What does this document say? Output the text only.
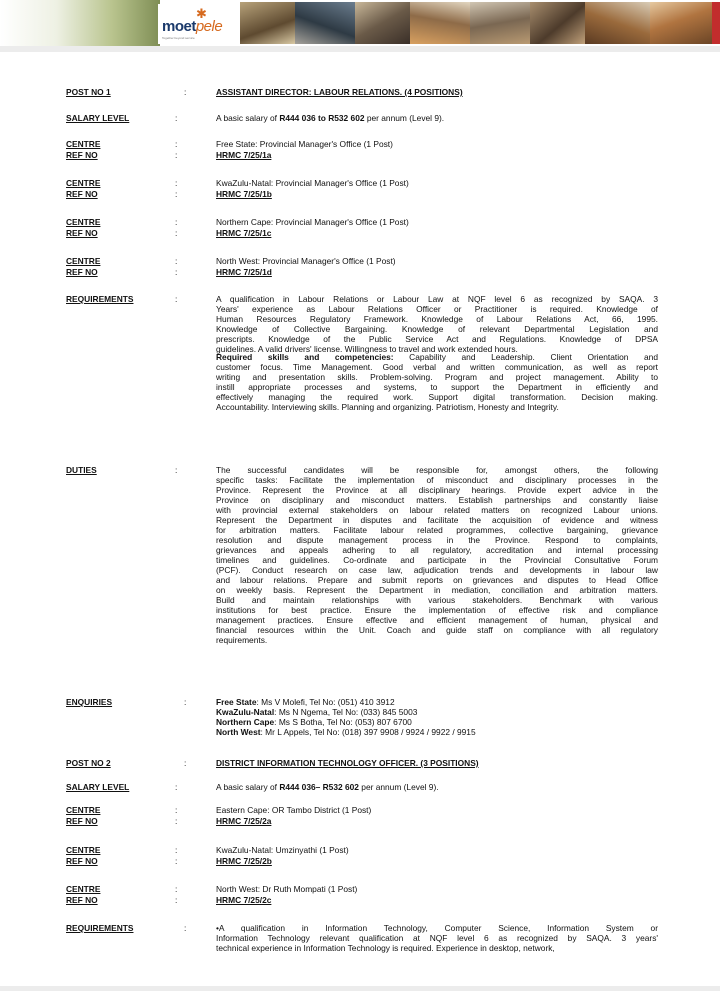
✱
moetpele
Together beyond service
POST NO 1	:	ASSISTANT DIRECTOR: LABOUR RELATIONS. (4 POSITIONS)
SALARY LEVEL	:	A basic salary of R444 036 to R532 602 per annum (Level 9).
CENTRE	:	Free State: Provincial Manager's Office (1 Post)
REF NO	:	HRMC 7/25/1a
CENTRE	:	KwaZulu-Natal: Provincial Manager's Office (1 Post)
REF NO	:	HRMC 7/25/1b
CENTRE	:	Northern Cape: Provincial Manager's Office (1 Post)
REF NO	:	HRMC 7/25/1c
CENTRE	:	North West: Provincial Manager's Office (1 Post)
REF NO	:	HRMC 7/25/1d
REQUIREMENTS	:	A qualification in Labour Relations or Labour Law at NQF level 6 as recognized by SAQA. 3
Years' experience as Labour Relations Officer or Practitioner is required. Knowledge of
Human Resources Regulatory Framework. Knowledge of Labour Relations Act, 66, 1995.
Knowledge of Collective Bargaining. Knowledge of relevant Departmental Legislation and
prescripts. Knowledge of the Public Service Act and Regulations. Knowledge of DPSA
guidelines. A valid drivers' license. Willingness to travel and work extended hours.
Required skills and competencies: Capability and Leadership. Client Orientation and
customer focus. Time Management. Good verbal and written communication, as well as report
writing and presentation skills. Problem-solving. Program and project management. Ability to
instill appropriate processes and systems, to support the Department in efficiently and
effectively managing the required work. Support digital transformation. Decision making.
Accountability. Interviewing skills. Planning and organizing. Patriotism, Honesty and Integrity.
DUTIES	:	The successful candidates will be responsible for, amongst others, the following
specific tasks: Facilitate the implementation of misconduct and disciplinary processes in the
Province. Represent the Province at all disciplinary hearings. Provide expert advice in the
Province on disciplinary and misconduct matters. Establish partnerships and constantly liaise
with provincial external stakeholders on labour related matters on recognized Labour unions.
Represent the Department in disputes and facilitate the acquisition of evidence and witness
for arbitration matters. Facilitate labour related programmes, collective bargaining, grievance
resolution and dispute management process in the Province. Respond to complaints,
grievances and appeals adhering to all regulatory, accreditation and internal processing
timelines and guidelines. Co-ordinate and participate in the Provincial Consultative Forum
(PCF). Conduct research on case law, adjudication trends and developments in labour law
and labour relations. Prepare and submit reports on grievances and disputes to Head Office
on weekly basis. Represent the Department in mediation, conciliation and arbitration matters.
Build and maintain relationships with various stakeholders. Benchmark with various
institutions for best practice. Ensure the implementation of effective risk and compliance
management practices. Ensure effective and efficient management of human, physical and
financial resources within the Unit. Coach and guide staff on compliance with all regulatory
requirements.
ENQUIRIES	:	Free State: Ms V Molefi, Tel No: (051) 410 3912
KwaZulu-Natal: Ms N Ngema, Tel No: (033) 845 5003
Northern Cape: Ms S Botha, Tel No: (053) 807 6700
North West: Mr L Appels, Tel No: (018) 397 9908 / 9924 / 9922 / 9915
POST NO 2	:	DISTRICT INFORMATION TECHNOLOGY OFFICER. (3 POSITIONS)
SALARY LEVEL	:	A basic salary of R444 036– R532 602 per annum (Level 9).
CENTRE	:	Eastern Cape: OR Tambo District (1 Post)
REF NO	:	HRMC 7/25/2a
CENTRE	:	KwaZulu-Natal: Umzinyathi (1 Post)
REF NO	:	HRMC 7/25/2b
CENTRE	:	North West: Dr Ruth Mompati (1 Post)
REF NO	:	HRMC 7/25/2c
REQUIREMENTS	:	•A qualification in Information Technology, Computer Science, Information System or
Information Technology relevant qualification at NQF level 6 as recognized by SAQA. 3 years'
technical experience in Information Technology is required. Experience in desktop, network,
